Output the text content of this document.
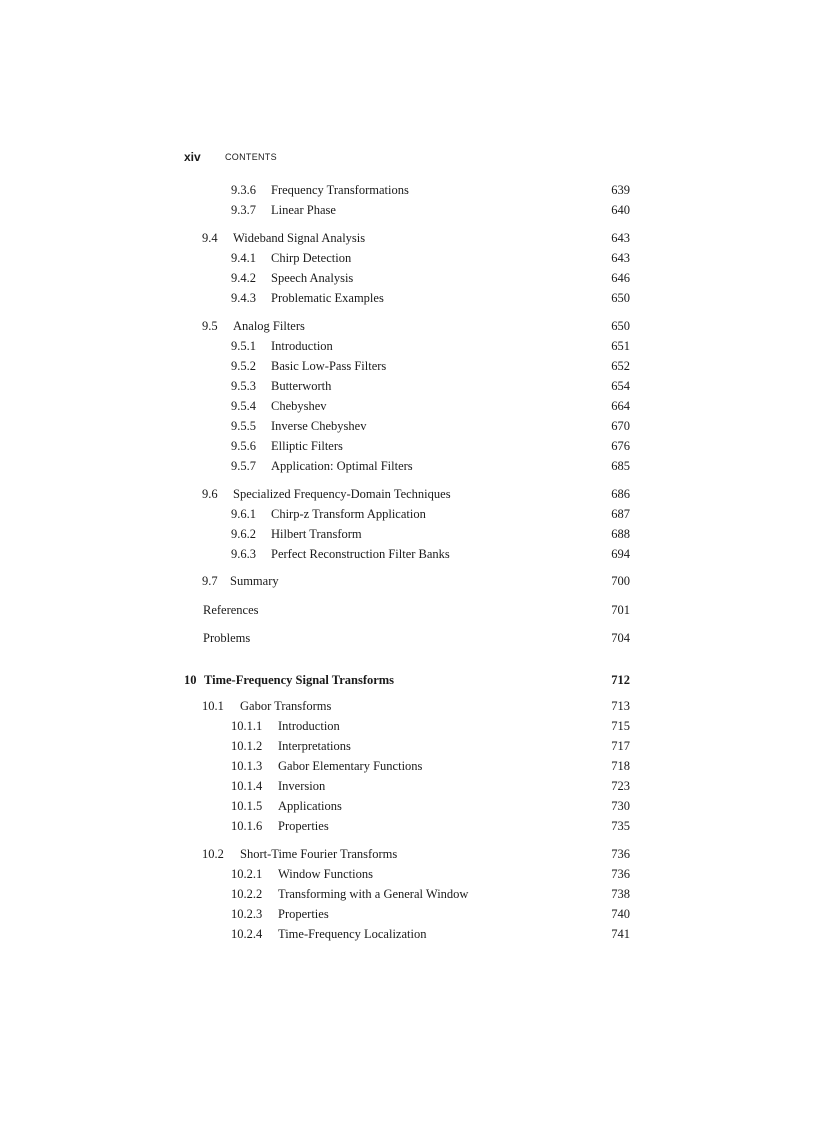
xiv	CONTENTS
9.3.6 Frequency Transformations	639
9.3.7 Linear Phase	640
9.4 Wideband Signal Analysis	643
9.4.1 Chirp Detection	643
9.4.2 Speech Analysis	646
9.4.3 Problematic Examples	650
9.5 Analog Filters	650
9.5.1 Introduction	651
9.5.2 Basic Low-Pass Filters	652
9.5.3 Butterworth	654
9.5.4 Chebyshev	664
9.5.5 Inverse Chebyshev	670
9.5.6 Elliptic Filters	676
9.5.7 Application: Optimal Filters	685
9.6 Specialized Frequency-Domain Techniques	686
9.6.1 Chirp-z Transform Application	687
9.6.2 Hilbert Transform	688
9.6.3 Perfect Reconstruction Filter Banks	694
9.7 Summary	700
References	701
Problems	704
10 Time-Frequency Signal Transforms	712
10.1 Gabor Transforms	713
10.1.1 Introduction	715
10.1.2 Interpretations	717
10.1.3 Gabor Elementary Functions	718
10.1.4 Inversion	723
10.1.5 Applications	730
10.1.6 Properties	735
10.2 Short-Time Fourier Transforms	736
10.2.1 Window Functions	736
10.2.2 Transforming with a General Window	738
10.2.3 Properties	740
10.2.4 Time-Frequency Localization	741
